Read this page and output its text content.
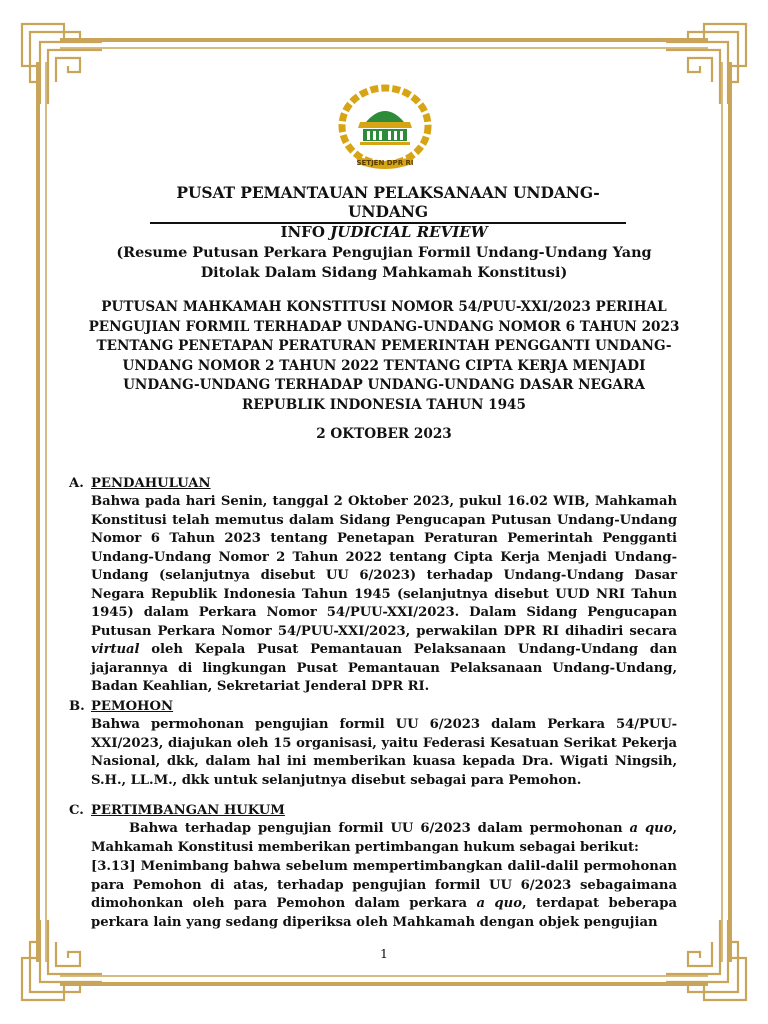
SETJEN DPR RI
PUSAT PEMANTAUAN PELAKSANAAN UNDANG-UNDANG
INFO JUDICIAL REVIEW
(Resume Putusan Perkara Pengujian Formil Undang-Undang Yang Ditolak Dalam Sidang Mahkamah Konstitusi)
PUTUSAN MAHKAMAH KONSTITUSI NOMOR 54/PUU-XXI/2023 PERIHAL PENGUJIAN FORMIL TERHADAP UNDANG-UNDANG NOMOR 6 TAHUN 2023 TENTANG PENETAPAN PERATURAN PEMERINTAH PENGGANTI UNDANG-UNDANG NOMOR 2 TAHUN 2022 TENTANG CIPTA KERJA MENJADI UNDANG-UNDANG TERHADAP UNDANG-UNDANG DASAR NEGARA REPUBLIK INDONESIA TAHUN 1945
2 OKTOBER 2023
A. PENDAHULUAN
Bahwa pada hari Senin, tanggal 2 Oktober 2023, pukul 16.02 WIB, Mahkamah Konstitusi telah memutus dalam Sidang Pengucapan Putusan Undang-Undang Nomor 6 Tahun 2023 tentang Penetapan Peraturan Pemerintah Pengganti Undang-Undang Nomor 2 Tahun 2022 tentang Cipta Kerja Menjadi Undang-Undang (selanjutnya disebut UU 6/2023) terhadap Undang-Undang Dasar Negara Republik Indonesia Tahun 1945 (selanjutnya disebut UUD NRI Tahun 1945) dalam Perkara Nomor 54/PUU-XXI/2023. Dalam Sidang Pengucapan Putusan Perkara Nomor 54/PUU-XXI/2023, perwakilan DPR RI dihadiri secara virtual oleh Kepala Pusat Pemantauan Pelaksanaan Undang-Undang dan jajarannya di lingkungan Pusat Pemantauan Pelaksanaan Undang-Undang, Badan Keahlian, Sekretariat Jenderal DPR RI.
B. PEMOHON
Bahwa permohonan pengujian formil UU 6/2023 dalam Perkara 54/PUU-XXI/2023, diajukan oleh 15 organisasi, yaitu Federasi Kesatuan Serikat Pekerja Nasional, dkk, dalam hal ini memberikan kuasa kepada Dra. Wigati Ningsih, S.H., LL.M., dkk untuk selanjutnya disebut sebagai para Pemohon.
C. PERTIMBANGAN HUKUM
Bahwa terhadap pengujian formil UU 6/2023 dalam permohonan a quo, Mahkamah Konstitusi memberikan pertimbangan hukum sebagai berikut:
[3.13] Menimbang bahwa sebelum mempertimbangkan dalil-dalil permohonan para Pemohon di atas, terhadap pengujian formil UU 6/2023 sebagaimana dimohonkan oleh para Pemohon dalam perkara a quo, terdapat beberapa perkara lain yang sedang diperiksa oleh Mahkamah dengan objek pengujian
1
